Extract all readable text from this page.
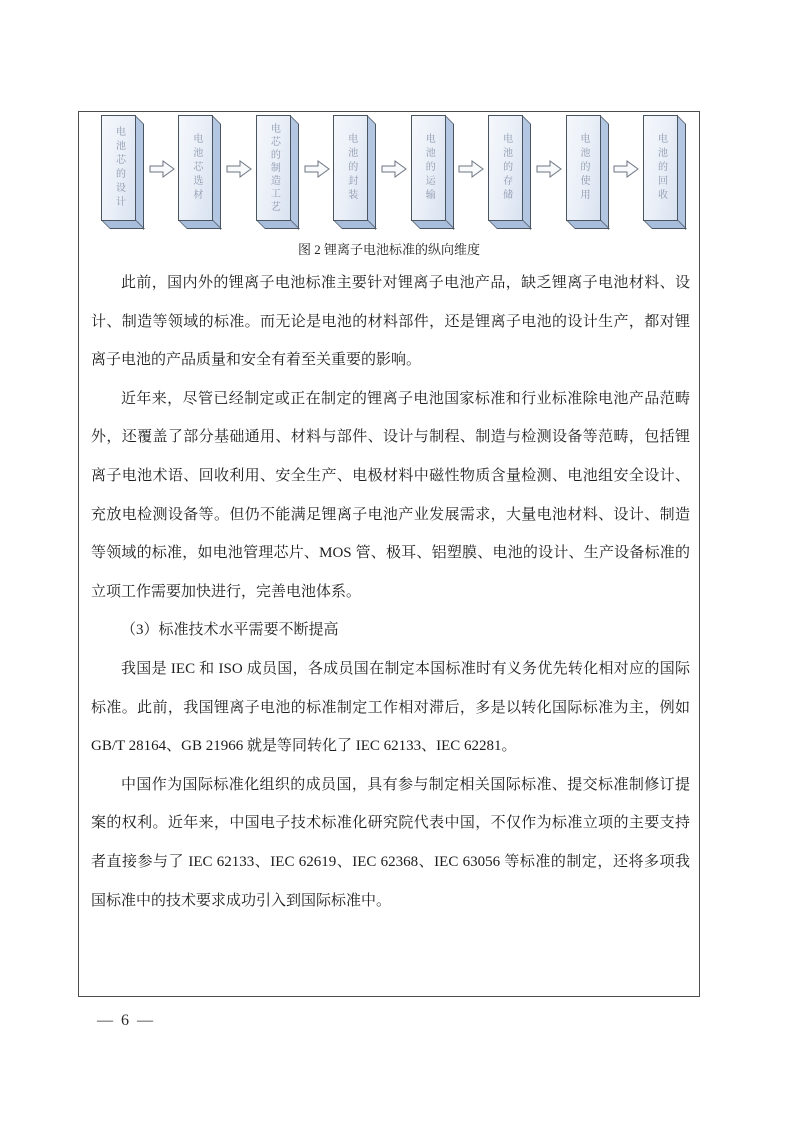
电池芯的设计	电池芯选材	电芯的制造工艺	电池的封装	电池的运输	电池的存储	电池的使用	电池的回收
图 2 锂离子电池标准的纵向维度

此前，国内外的锂离子电池标准主要针对锂离子电池产品，缺乏锂离子电池材料、设计、制造等领域的标准。而无论是电池的材料部件，还是锂离子电池的设计生产，都对锂离子电池的产品质量和安全有着至关重要的影响。

近年来，尽管已经制定或正在制定的锂离子电池国家标准和行业标准除电池产品范畴外，还覆盖了部分基础通用、材料与部件、设计与制程、制造与检测设备等范畴，包括锂离子电池术语、回收利用、安全生产、电极材料中磁性物质含量检测、电池组安全设计、充放电检测设备等。但仍不能满足锂离子电池产业发展需求，大量电池材料、设计、制造等领域的标准，如电池管理芯片、MOS 管、极耳、铝塑膜、电池的设计、生产设备标准的立项工作需要加快进行，完善电池体系。

（3）标准技术水平需要不断提高

我国是 IEC 和 ISO 成员国，各成员国在制定本国标准时有义务优先转化相对应的国际标准。此前，我国锂离子电池的标准制定工作相对滞后，多是以转化国际标准为主，例如 GB/T 28164、GB 21966 就是等同转化了 IEC 62133、IEC 62281。

中国作为国际标准化组织的成员国，具有参与制定相关国际标准、提交标准制修订提案的权利。近年来，中国电子技术标准化研究院代表中国，不仅作为标准立项的主要支持者直接参与了 IEC 62133、IEC 62619、IEC 62368、IEC 63056 等标准的制定，还将多项我国标准中的技术要求成功引入到国际标准中。

— 6 —
